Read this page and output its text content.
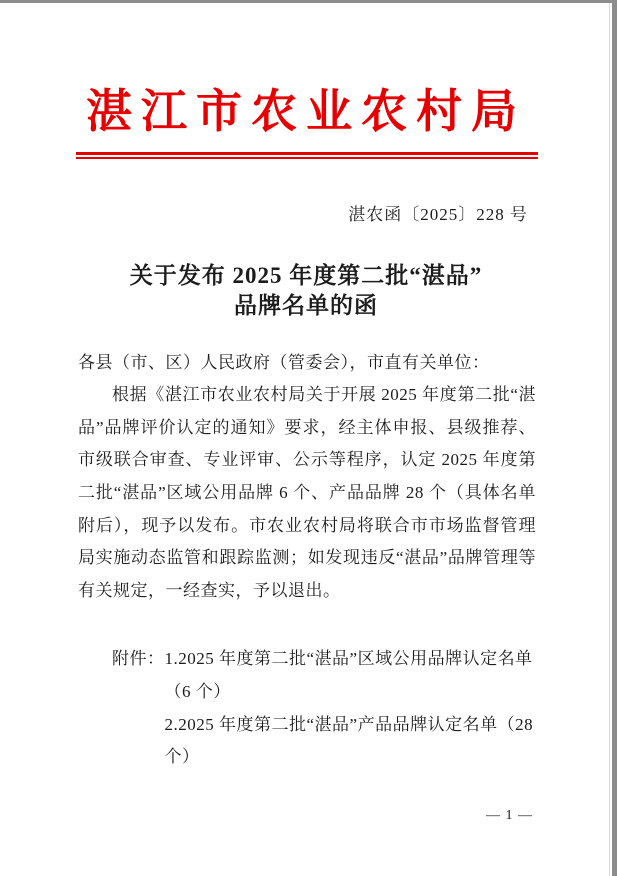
湛江市农业农村局
湛农函〔2025〕228 号
关于发布 2025 年度第二批“湛品”
品牌名单的函

各县（市、区）人民政府（管委会），市直有关单位：

根据《湛江市农业农村局关于开展 2025 年度第二批“湛品”品牌评价认定的通知》要求，经主体申报、县级推荐、市级联合审查、专业评审、公示等程序，认定 2025 年度第二批“湛品”区域公用品牌 6 个、产品品牌 28 个（具体名单附后），现予以发布。市农业农村局将联合市市场监督管理局实施动态监管和跟踪监测；如发现违反“湛品”品牌管理等有关规定，一经查实，予以退出。

附件： 1.2025 年度第二批“湛品”区域公用品牌认定名单
（6 个）
2.2025 年度第二批“湛品”产品品牌认定名单（28 个）
— 1 —
